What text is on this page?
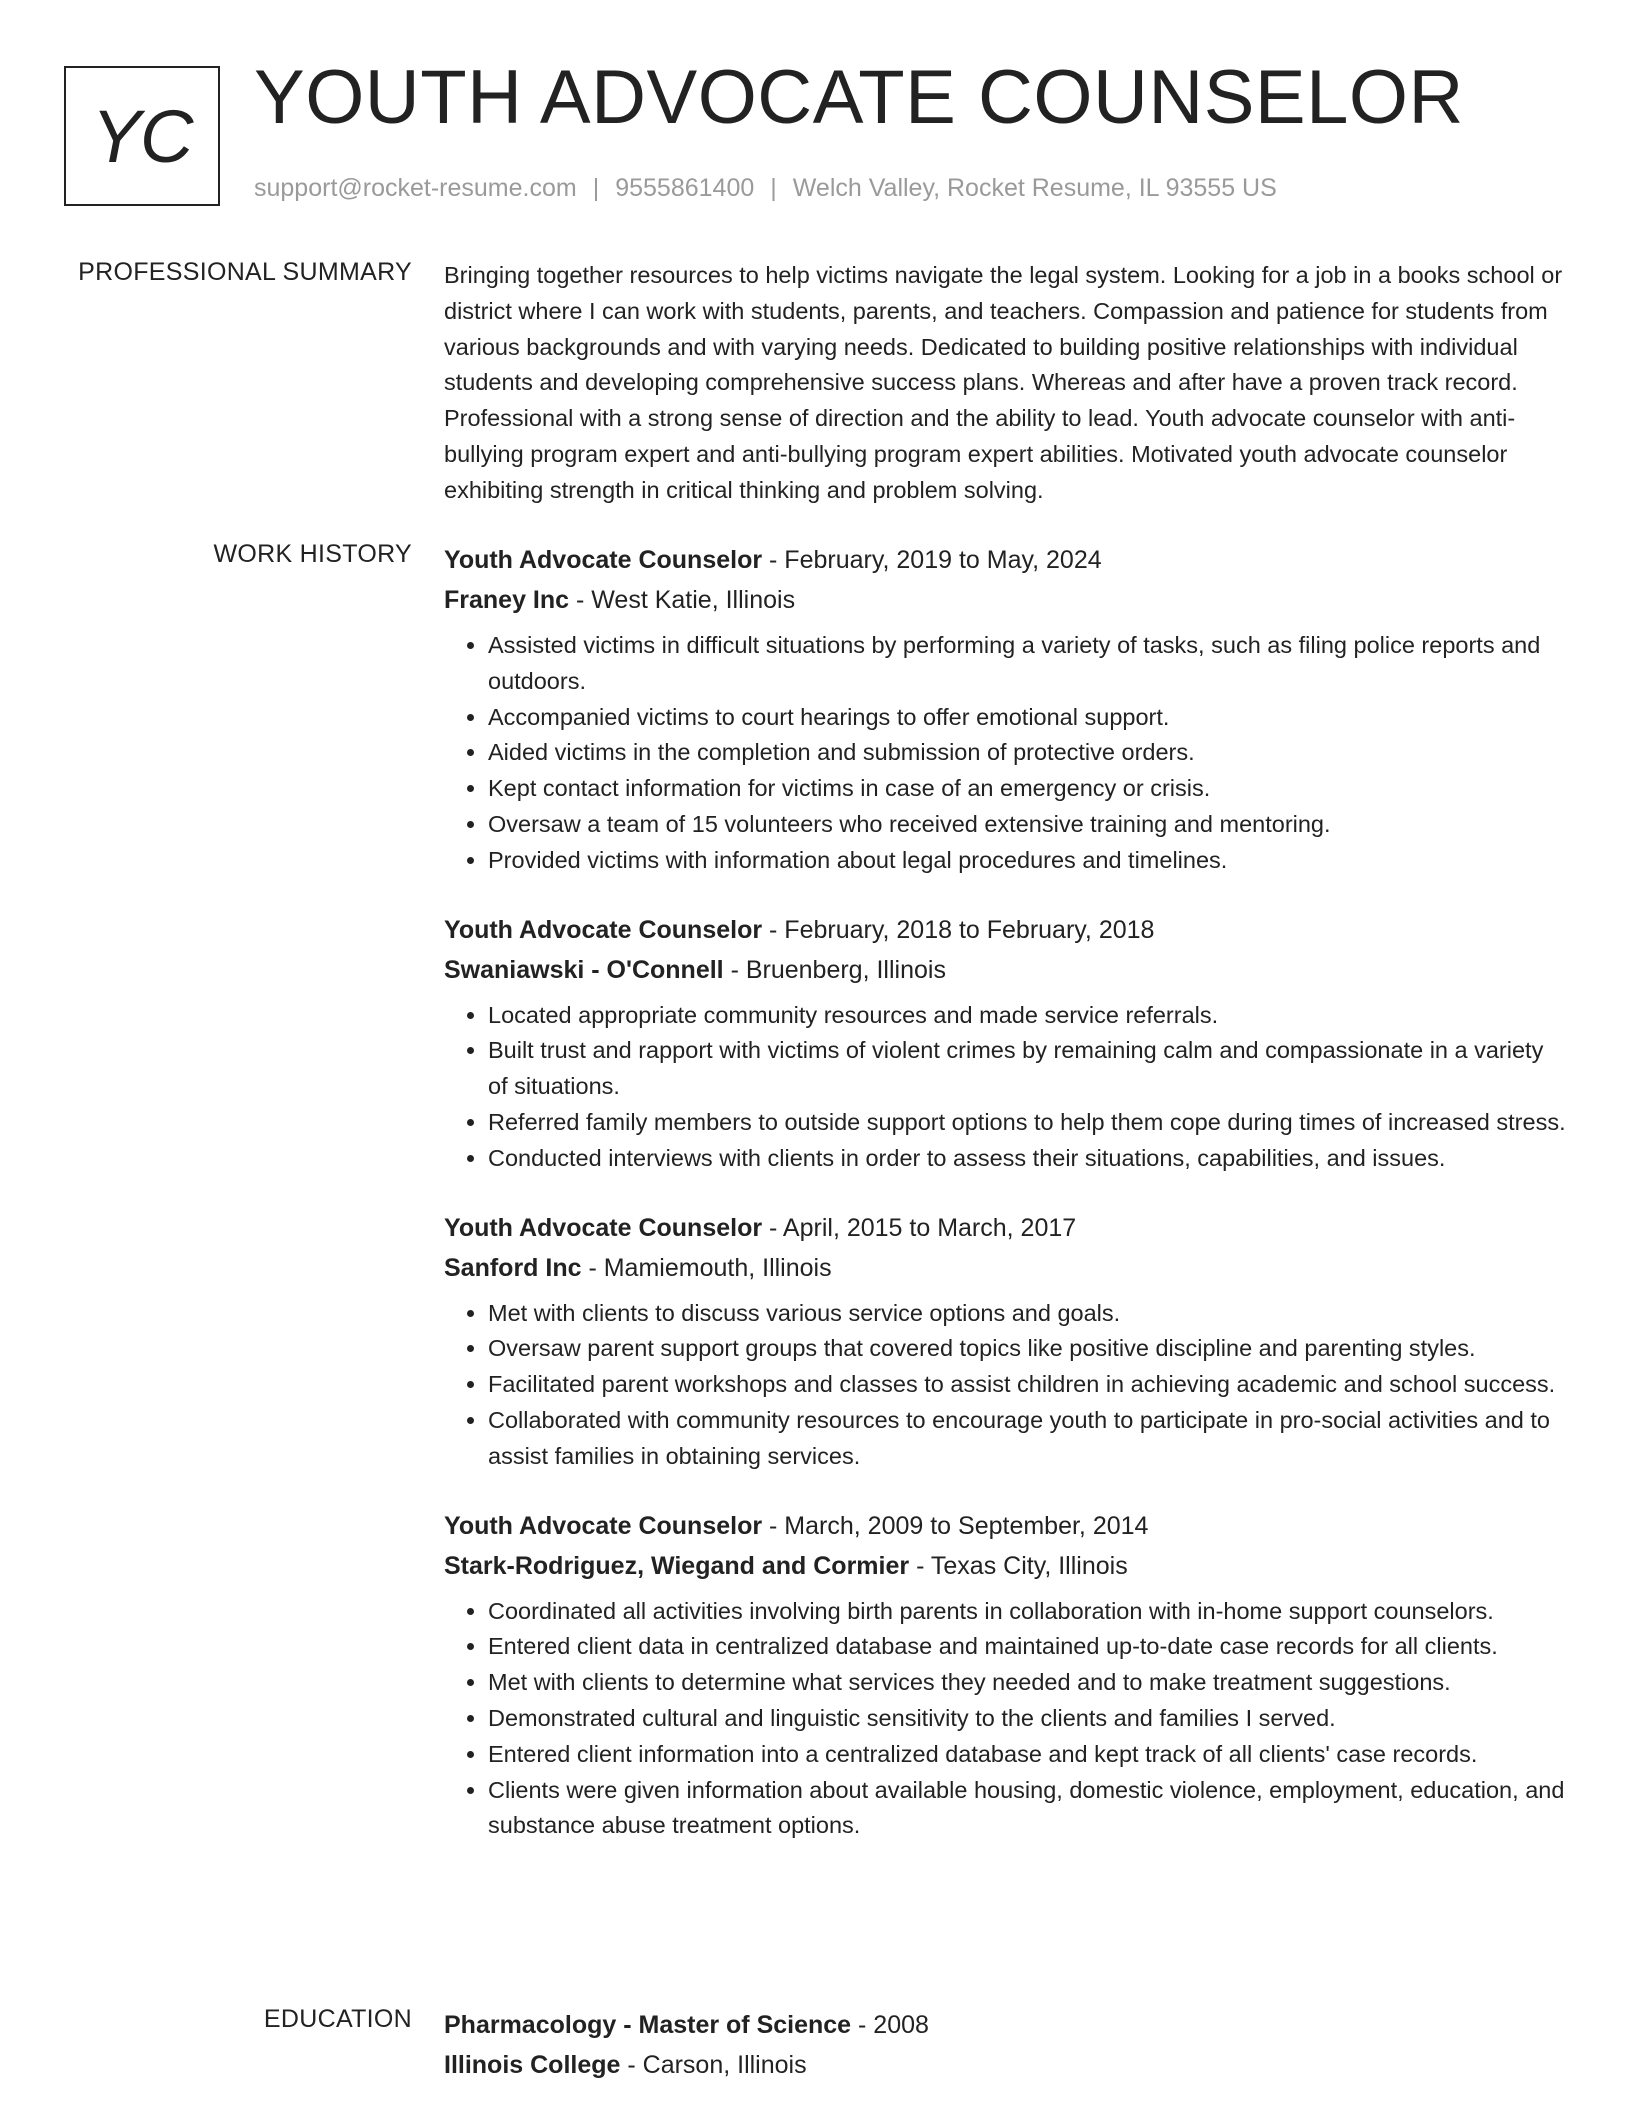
YC YOUTH ADVOCATE COUNSELOR
support@rocket-resume.com | 9555861400 | Welch Valley, Rocket Resume, IL 93555 US
PROFESSIONAL SUMMARY Bringing together resources to help victims navigate the legal system. Looking for a job in a books school or district where I can work with students, parents, and teachers. Compassion and patience for students from various backgrounds and with varying needs. Dedicated to building positive relationships with individual students and developing comprehensive success plans. Whereas and after have a proven track record. Professional with a strong sense of direction and the ability to lead. Youth advocate counselor with anti-bullying program expert and anti-bullying program expert abilities. Motivated youth advocate counselor exhibiting strength in critical thinking and problem solving.

WORK HISTORY Youth Advocate Counselor - February, 2019 to May, 2024
Franey Inc - West Katie, Illinois
• Assisted victims in difficult situations by performing a variety of tasks, such as filing police reports and outdoors.
• Accompanied victims to court hearings to offer emotional support.
• Aided victims in the completion and submission of protective orders.
• Kept contact information for victims in case of an emergency or crisis.
• Oversaw a team of 15 volunteers who received extensive training and mentoring.
• Provided victims with information about legal procedures and timelines.
Youth Advocate Counselor - February, 2018 to February, 2018
Swaniawski - O'Connell - Bruenberg, Illinois
• Located appropriate community resources and made service referrals.
• Built trust and rapport with victims of violent crimes by remaining calm and compassionate in a variety of situations.
• Referred family members to outside support options to help them cope during times of increased stress.
• Conducted interviews with clients in order to assess their situations, capabilities, and issues.
Youth Advocate Counselor - April, 2015 to March, 2017
Sanford Inc - Mamiemouth, Illinois
• Met with clients to discuss various service options and goals.
• Oversaw parent support groups that covered topics like positive discipline and parenting styles.
• Facilitated parent workshops and classes to assist children in achieving academic and school success.
• Collaborated with community resources to encourage youth to participate in pro-social activities and to assist families in obtaining services.
Youth Advocate Counselor - March, 2009 to September, 2014
Stark-Rodriguez, Wiegand and Cormier - Texas City, Illinois
• Coordinated all activities involving birth parents in collaboration with in-home support counselors.
• Entered client data in centralized database and maintained up-to-date case records for all clients.
• Met with clients to determine what services they needed and to make treatment suggestions.
• Demonstrated cultural and linguistic sensitivity to the clients and families I served.
• Entered client information into a centralized database and kept track of all clients' case records.
• Clients were given information about available housing, domestic violence, employment, education, and substance abuse treatment options.
EDUCATION Pharmacology - Master of Science - 2008
Illinois College - Carson, Illinois
